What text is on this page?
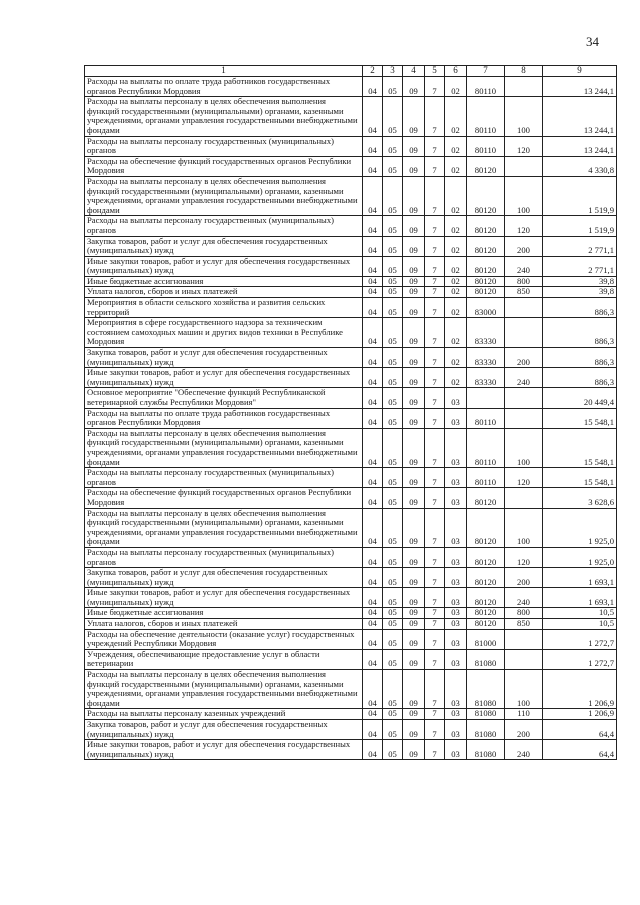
34
1	2	3	4	5	6	7	8	9
Расходы на выплаты по оплате труда работников государственных органов Республики Мордовия	04	05	09	7	02	80110		13 244,1
Расходы на выплаты персоналу в целях обеспечения выполнения функций государственными (муниципальными) органами, казенными учреждениями, органами управления государственными внебюджетными фондами	04	05	09	7	02	80110	100	13 244,1
Расходы на выплаты персоналу государственных (муниципальных) органов	04	05	09	7	02	80110	120	13 244,1
Расходы на обеспечение функций государственных органов Республики Мордовия	04	05	09	7	02	80120		4 330,8
Расходы на выплаты персоналу в целях обеспечения выполнения функций государственными (муниципальными) органами, казенными учреждениями, органами управления государственными внебюджетными фондами	04	05	09	7	02	80120	100	1 519,9
Расходы на выплаты персоналу государственных (муниципальных) органов	04	05	09	7	02	80120	120	1 519,9
Закупка товаров, работ и услуг для обеспечения государственных (муниципальных) нужд	04	05	09	7	02	80120	200	2 771,1
Иные закупки товаров, работ и услуг для обеспечения государственных (муниципальных) нужд	04	05	09	7	02	80120	240	2 771,1
Иные бюджетные ассигнования	04	05	09	7	02	80120	800	39,8
Уплата налогов, сборов и иных платежей	04	05	09	7	02	80120	850	39,8
Мероприятия в области сельского хозяйства и развития сельских территорий	04	05	09	7	02	83000		886,3
Мероприятия в сфере государственного надзора за техническим состоянием самоходных машин и других видов техники в Республике Мордовия	04	05	09	7	02	83330		886,3
Закупка товаров, работ и услуг для обеспечения государственных (муниципальных) нужд	04	05	09	7	02	83330	200	886,3
Иные закупки товаров, работ и услуг для обеспечения государственных (муниципальных) нужд	04	05	09	7	02	83330	240	886,3
Основное мероприятие "Обеспечение функций Республиканской ветеринарной службы Республики Мордовия"	04	05	09	7	03			20 449,4
Расходы на выплаты по оплате труда работников государственных органов Республики Мордовия	04	05	09	7	03	80110		15 548,1
Расходы на выплаты персоналу в целях обеспечения выполнения функций государственными (муниципальными) органами, казенными учреждениями, органами управления государственными внебюджетными фондами	04	05	09	7	03	80110	100	15 548,1
Расходы на выплаты персоналу государственных (муниципальных) органов	04	05	09	7	03	80110	120	15 548,1
Расходы на обеспечение функций государственных органов Республики Мордовия	04	05	09	7	03	80120		3 628,6
Расходы на выплаты персоналу в целях обеспечения выполнения функций государственными (муниципальными) органами, казенными учреждениями, органами управления государственными внебюджетными фондами	04	05	09	7	03	80120	100	1 925,0
Расходы на выплаты персоналу государственных (муниципальных) органов	04	05	09	7	03	80120	120	1 925,0
Закупка товаров, работ и услуг для обеспечения государственных (муниципальных) нужд	04	05	09	7	03	80120	200	1 693,1
Иные закупки товаров, работ и услуг для обеспечения государственных (муниципальных) нужд	04	05	09	7	03	80120	240	1 693,1
Иные бюджетные ассигнования	04	05	09	7	03	80120	800	10,5
Уплата налогов, сборов и иных платежей	04	05	09	7	03	80120	850	10,5
Расходы на обеспечение деятельности (оказание услуг) государственных учреждений Республики Мордовия	04	05	09	7	03	81000		1 272,7
Учреждения, обеспечивающие предоставление услуг в области ветеринарии	04	05	09	7	03	81080		1 272,7
Расходы на выплаты персоналу в целях обеспечения выполнения функций государственными (муниципальными) органами, казенными учреждениями, органами управления государственными внебюджетными фондами	04	05	09	7	03	81080	100	1 206,9
Расходы на выплаты персоналу казенных учреждений	04	05	09	7	03	81080	110	1 206,9
Закупка товаров, работ и услуг для обеспечения государственных (муниципальных) нужд	04	05	09	7	03	81080	200	64,4
Иные закупки товаров, работ и услуг для обеспечения государственных (муниципальных) нужд	04	05	09	7	03	81080	240	64,4
